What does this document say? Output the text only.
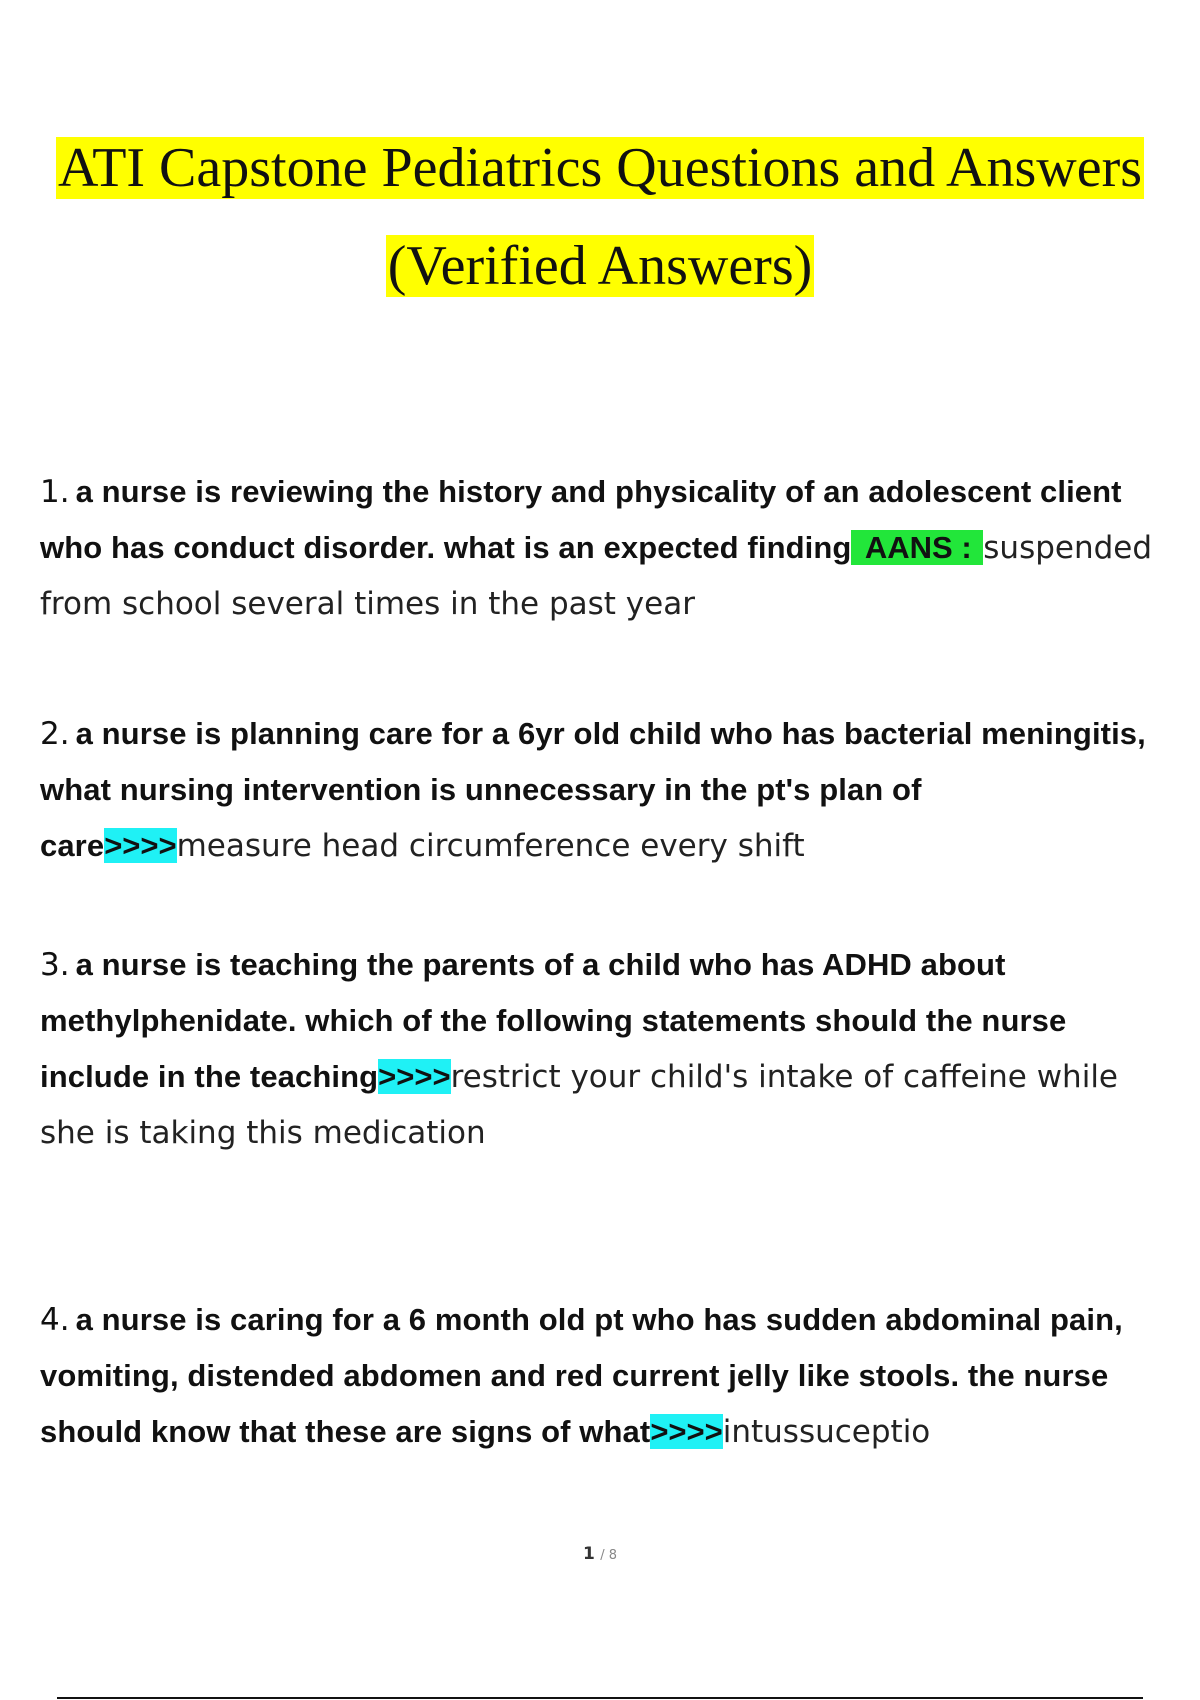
ATI Capstone Pediatrics Questions and Answers
(Verified Answers)
1. a nurse is reviewing the history and physicality of an adolescent client who has conduct disorder. what is an expected finding AANS : suspended from school several times in the past year
2. a nurse is planning care for a 6yr old child who has bacterial meningitis, what nursing intervention is unnecessary in the pt's plan of care>>>>measure head circumference every shift
3. a nurse is teaching the parents of a child who has ADHD about methylphenidate. which of the following statements should the nurse include in the teaching>>>>restrict your child's intake of caffeine while she is taking this medication
4. a nurse is caring for a 6 month old pt who has sudden abdominal pain, vomiting, distended abdomen and red current jelly like stools. the nurse should know that these are signs of what>>>>intussuceptio
1 / 8
